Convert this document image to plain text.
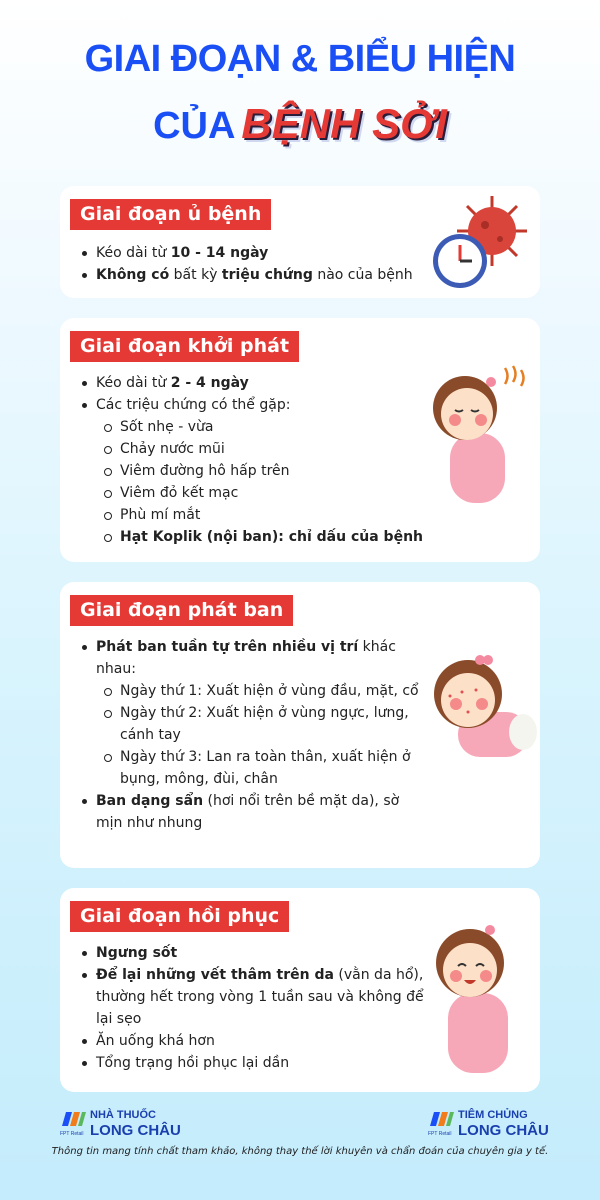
GIAI ĐOẠN & BIỂU HIỆN
CỦA BỆNH SỞI
Giai đoạn ủ bệnh
Kéo dài từ 10 - 14 ngày
Không có bất kỳ triệu chứng nào của bệnh
Giai đoạn khởi phát
Kéo dài từ 2 - 4 ngày
Các triệu chứng có thể gặp:
Sốt nhẹ - vừa
Chảy nước mũi
Viêm đường hô hấp trên
Viêm đỏ kết mạc
Phù mí mắt
Hạt Koplik (nội ban): chỉ dấu của bệnh
Giai đoạn phát ban
Phát ban tuần tự trên nhiều vị trí khác nhau:
Ngày thứ 1: Xuất hiện ở vùng đầu, mặt, cổ
Ngày thứ 2: Xuất hiện ở vùng ngực, lưng, cánh tay
Ngày thứ 3: Lan ra toàn thân, xuất hiện ở bụng, mông, đùi, chân
Ban dạng sẩn (hơi nổi trên bề mặt da), sờ mịn như nhung
Giai đoạn hồi phục
Ngưng sốt
Để lại những vết thâm trên da (vằn da hổ), thường hết trong vòng 1 tuần sau và không để lại sẹo
Ăn uống khá hơn
Tổng trạng hồi phục lại dần
FPT Retail
NHÀ THUỐC
LONG CHÂU	FPT Retail
TIÊM CHỦNG
LONG CHÂU
Thông tin mang tính chất tham khảo, không thay thế lời khuyên và chẩn đoán của chuyên gia y tế.
